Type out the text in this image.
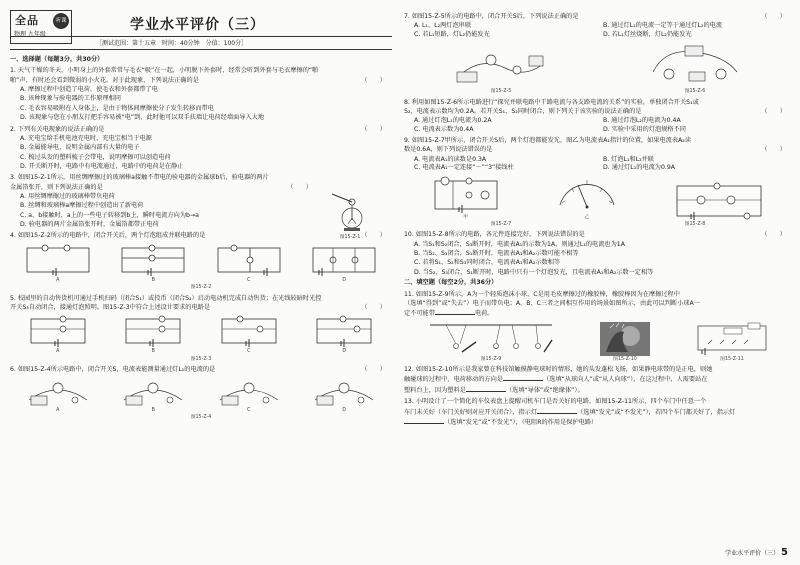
全品
物理 九年级
听课	学业水平评价（三）
［测试范围：第十五章　时间：40分钟　分值：100分］
一、选择题（每题3分，共30分）

1. 天气干燥的冬天，小明身上的外套常常与毛衣“吸”在一起，小明脱下外套时，经常会听到外套与毛衣摩擦的“啪

啪”声，有时还会看到微弱的小火花。对于此现象，下列说法正确的是	（　　）

A. 摩擦过程中创造了电荷，使毛衣和外套都带了电

B. 该种现象与验电器的工作原理相同

C. 毛衣容易吸附在人身体上，是由于物体间摩擦使分子发生转移而带电

D. 该现象与您在小朋友打把手容易被“电”到，此时他可以双手扶墙让电荷经墙面导入大地

2. 下列有关电现象的说法正确的是	（　　）

A. 充电宝给手机电池充电时，充电宝相当于电源

B. 金属能导电，说明金属内部有大量的电子

C. 梳过头发的塑料梳子会带电，说明摩擦可以创造电荷

D. 开关断开时，电路中有电流通过，电路中的电荷是在静止

3. 如图15-Z-1所示，用丝绸摩擦过的玻璃棒a接触不带电的验电器的金属球b后，验电器的两片

金属箔张开，则下列说法正确的是	（　　）

A. 用丝绸摩擦过的玻璃棒带负电荷

B. 丝绸和玻璃棒a摩擦过程中创造出了新电荷

C. a、b接触时，a上的一些电子转移到b上，瞬时电流方向为b→a

D. 验电器的两片金属箔张开时，金属箔都带正电荷

图15-Z-1

4. 如图15-Z-2所示的电路中，闭合开关后，两个灯泡组成并联电路的是	（　　）

A	B	C	D
图15-Z-2

5. 校园里的自动售货机可通过手机扫码（闭合S₁）或投币（闭合S₂）启动电动机完成自动售货；在光线较暗时光控

开关S₃自动闭合，接通灯泡照明。图15-Z-3中符合上述设计要求的电路是	（　　）

A	B	C	D
图15-Z-3

6. 如图15-Z-4所示电路中，闭合开关S，电流表能测量通过灯L₁的电流的是	（　　）

A	B	C	D
图15-Z-4

7. 如图15-Z-5所示的电路中，闭合开关S后，下列说法正确的是	（　　）

A. L₁、L₂两灯泡串联	B. 通过灯L₁的电流一定等于通过灯L₂的电流
C. 若L₁短路，灯L₂仍能发光	D. 若L₁灯丝烧断，灯L₂仍能发光
图15-Z-5	图15-Z-6

8. 利用如图15-Z-6所示电路进行“探究并联电路中干路电流与各支路电流的关系”的实验，单独闭合开关S₁或

S₂，电流表示数均为0.2A。若开关S₁、S₂同时闭合，则下列关于该实验的说法正确的是	（　　）

A. 通过灯泡L₁的电流为0.2A	B. 通过灯泡L₂的电流为0.4A
C. 电流表示数为0.4A	D. 实验中采用的灯泡规格不同

9. 如图15-Z-7甲所示，闭合开关S后，两个灯泡都能发光，图乙为电流表A₁指针的位置，如果电流表A₂读

数是0.6A，则下列说法错误的是	（　　）

A. 电流表A₁的读数是0.3A	B. 灯泡L₁和L₂并联
C. 电流表A₁一定连接“－”“3”接线柱	D. 通过灯L₁的电流为0.9A
甲	乙
图15-Z-7	图15-Z-8

10. 如图15-Z-8所示的电路，各元件连接完好，下列说法错误的是	（　　）

A. 当S₁和S₂闭合，S₃断开时，电流表A₁的示数为1A，则通过L₁的电流也为1A

B. 当S₂、S₃闭合，S₁断开时，电流表A₁和A₂示数可能不相等

C. 若将S₁、S₂和S₃同时闭合，电流表A₁和A₂示数相等

D. 当S₂、S₃闭合，S₁断开时，电路中只有一个灯泡发光，且电流表A₁和A₂示数一定相等

二、填空题（每空2分，共36分）

11. 如图15-Z-9所示，A为一个轻质泡沫小球，C是用毛皮摩擦过的橡胶棒，橡胶棒因为在摩擦过程中

（选填“得到”或“失去”）电子而带负电；A、B、C三者之间相互作用的场景如图所示，由此可以判断小球A一

定不可能带	电荷。

图15-Z-9	图15-Z-10	图15-Z-11

12. 如图15-Z-10所示是我家曾在科技馆触摸静电球时的情形，她的头发蓬松飞扬，如果静电球带的是正电，则她

触碰球的过程中，电荷移动的方向是	（选填“从球向人”或“从人向球”），在这过程中，人需要站在

塑料台上，因为塑料是	（选填“导体”或“绝缘体”）。

13. 小明设计了一个简化的车仪表盘上提醒司机车门是否关好的电路，如图15-Z-11所示，四个车门中任意一个

车门未关好（车门关好则对应开关闭合），指示灯	（选填“发光”或“不发光”），若四个车门都关好了，指示灯

（选填“发光”或“不发光”），（电阻R的作用是保护电路）

学业水平评价（三） 5
